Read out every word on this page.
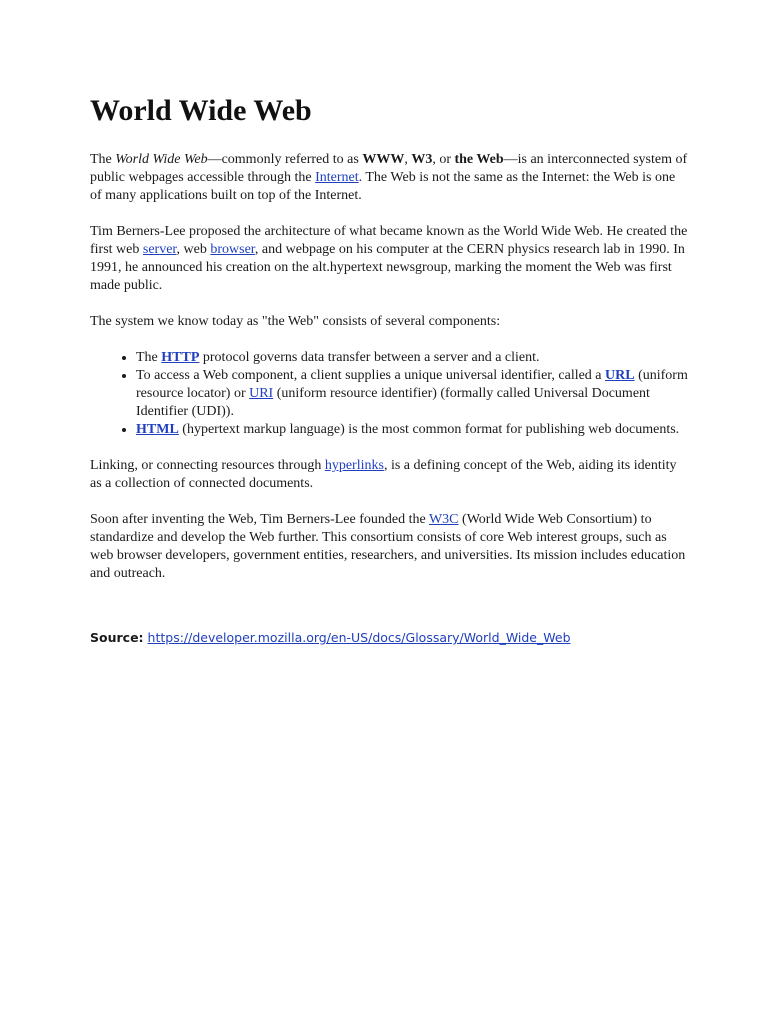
World Wide Web

The World Wide Web—commonly referred to as WWW, W3, or the Web—is an interconnected system of public webpages accessible through the Internet. The Web is not the same as the Internet: the Web is one of many applications built on top of the Internet.

Tim Berners-Lee proposed the architecture of what became known as the World Wide Web. He created the first web server, web browser, and webpage on his computer at the CERN physics research lab in 1990. In 1991, he announced his creation on the alt.hypertext newsgroup, marking the moment the Web was first made public.

The system we know today as "the Web" consists of several components:

• The HTTP protocol governs data transfer between a server and a client.
• To access a Web component, a client supplies a unique universal identifier, called a URL (uniform resource locator) or URI (uniform resource identifier) (formally called Universal Document Identifier (UDI)).
• HTML (hypertext markup language) is the most common format for publishing web documents.

Linking, or connecting resources through hyperlinks, is a defining concept of the Web, aiding its identity as a collection of connected documents.

Soon after inventing the Web, Tim Berners-Lee founded the W3C (World Wide Web Consortium) to standardize and develop the Web further. This consortium consists of core Web interest groups, such as web browser developers, government entities, researchers, and universities. Its mission includes education and outreach.

Source: https://developer.mozilla.org/en-US/docs/Glossary/World_Wide_Web
